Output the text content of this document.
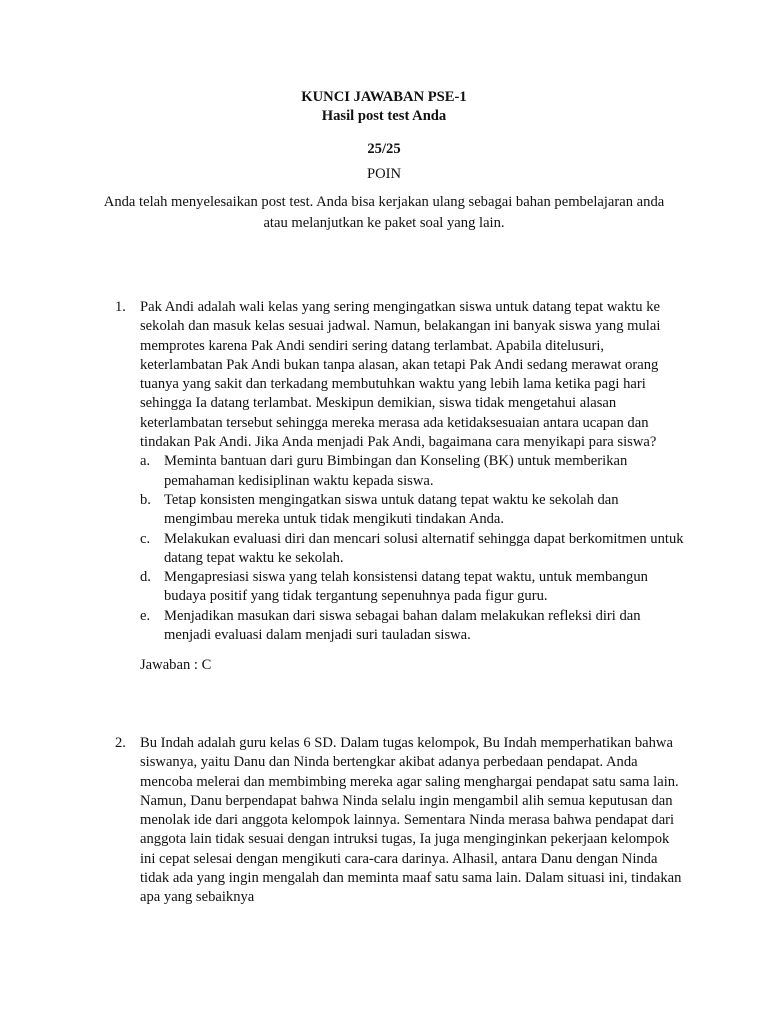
KUNCI JAWABAN PSE-1
Hasil post test Anda
25/25
POIN
Anda telah menyelesaikan post test. Anda bisa kerjakan ulang sebagai bahan pembelajaran anda atau melanjutkan ke paket soal yang lain.
1. Pak Andi adalah wali kelas yang sering mengingatkan siswa untuk datang tepat waktu ke sekolah dan masuk kelas sesuai jadwal. Namun, belakangan ini banyak siswa yang mulai memprotes karena Pak Andi sendiri sering datang terlambat. Apabila ditelusuri, keterlambatan Pak Andi bukan tanpa alasan, akan tetapi Pak Andi sedang merawat orang tuanya yang sakit dan terkadang membutuhkan waktu yang lebih lama ketika pagi hari sehingga Ia datang terlambat. Meskipun demikian, siswa tidak mengetahui alasan keterlambatan tersebut sehingga mereka merasa ada ketidaksesuaian antara ucapan dan tindakan Pak Andi. Jika Anda menjadi Pak Andi, bagaimana cara menyikapi para siswa?

a. Meminta bantuan dari guru Bimbingan dan Konseling (BK) untuk memberikan pemahaman kedisiplinan waktu kepada siswa.
b. Tetap konsisten mengingatkan siswa untuk datang tepat waktu ke sekolah dan mengimbau mereka untuk tidak mengikuti tindakan Anda.
c. Melakukan evaluasi diri dan mencari solusi alternatif sehingga dapat berkomitmen untuk datang tepat waktu ke sekolah.
d. Mengapresiasi siswa yang telah konsistensi datang tepat waktu, untuk membangun budaya positif yang tidak tergantung sepenuhnya pada figur guru.
e. Menjadikan masukan dari siswa sebagai bahan dalam melakukan refleksi diri dan menjadi evaluasi dalam menjadi suri tauladan siswa.
Jawaban : C
2. Bu Indah adalah guru kelas 6 SD. Dalam tugas kelompok, Bu Indah memperhatikan bahwa siswanya, yaitu Danu dan Ninda bertengkar akibat adanya perbedaan pendapat. Anda mencoba melerai dan membimbing mereka agar saling menghargai pendapat satu sama lain. Namun, Danu berpendapat bahwa Ninda selalu ingin mengambil alih semua keputusan dan menolak ide dari anggota kelompok lainnya. Sementara Ninda merasa bahwa pendapat dari anggota lain tidak sesuai dengan intruksi tugas, Ia juga menginginkan pekerjaan kelompok ini cepat selesai dengan mengikuti cara-cara darinya. Alhasil, antara Danu dengan Ninda tidak ada yang ingin mengalah dan meminta maaf satu sama lain. Dalam situasi ini, tindakan apa yang sebaiknya
